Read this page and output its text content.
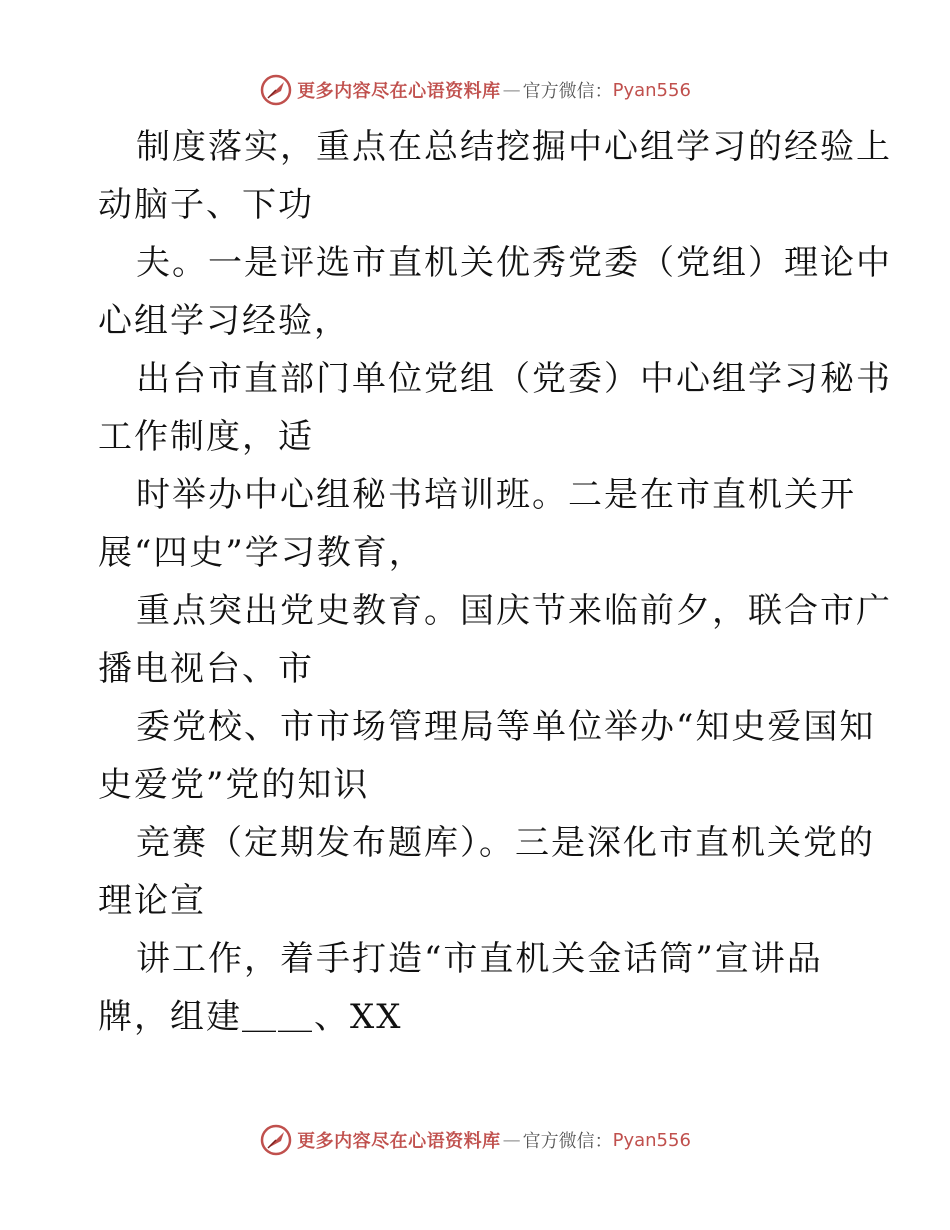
更多内容尽在心语资料库 — 官方微信： Pyan556
制度落实，重点在总结挖掘中心组学习的经验上
动脑子、下功
夫。一是评选市直机关优秀党委（党组）理论中
心组学习经验，
出台市直部门单位党组（党委）中心组学习秘书
工作制度，适
时举办中心组秘书培训班。二是在市直机关开
展“四史”学习教育，
重点突出党史教育。国庆节来临前夕，联合市广
播电视台、市
委党校、市市场管理局等单位举办“知史爱国知
史爱党”党的知识
竞赛（定期发布题库）。三是深化市直机关党的
理论宣
讲工作，着手打造“市直机关金话筒”宣讲品
牌，组建＿＿、XX
更多内容尽在心语资料库 — 官方微信： Pyan556
